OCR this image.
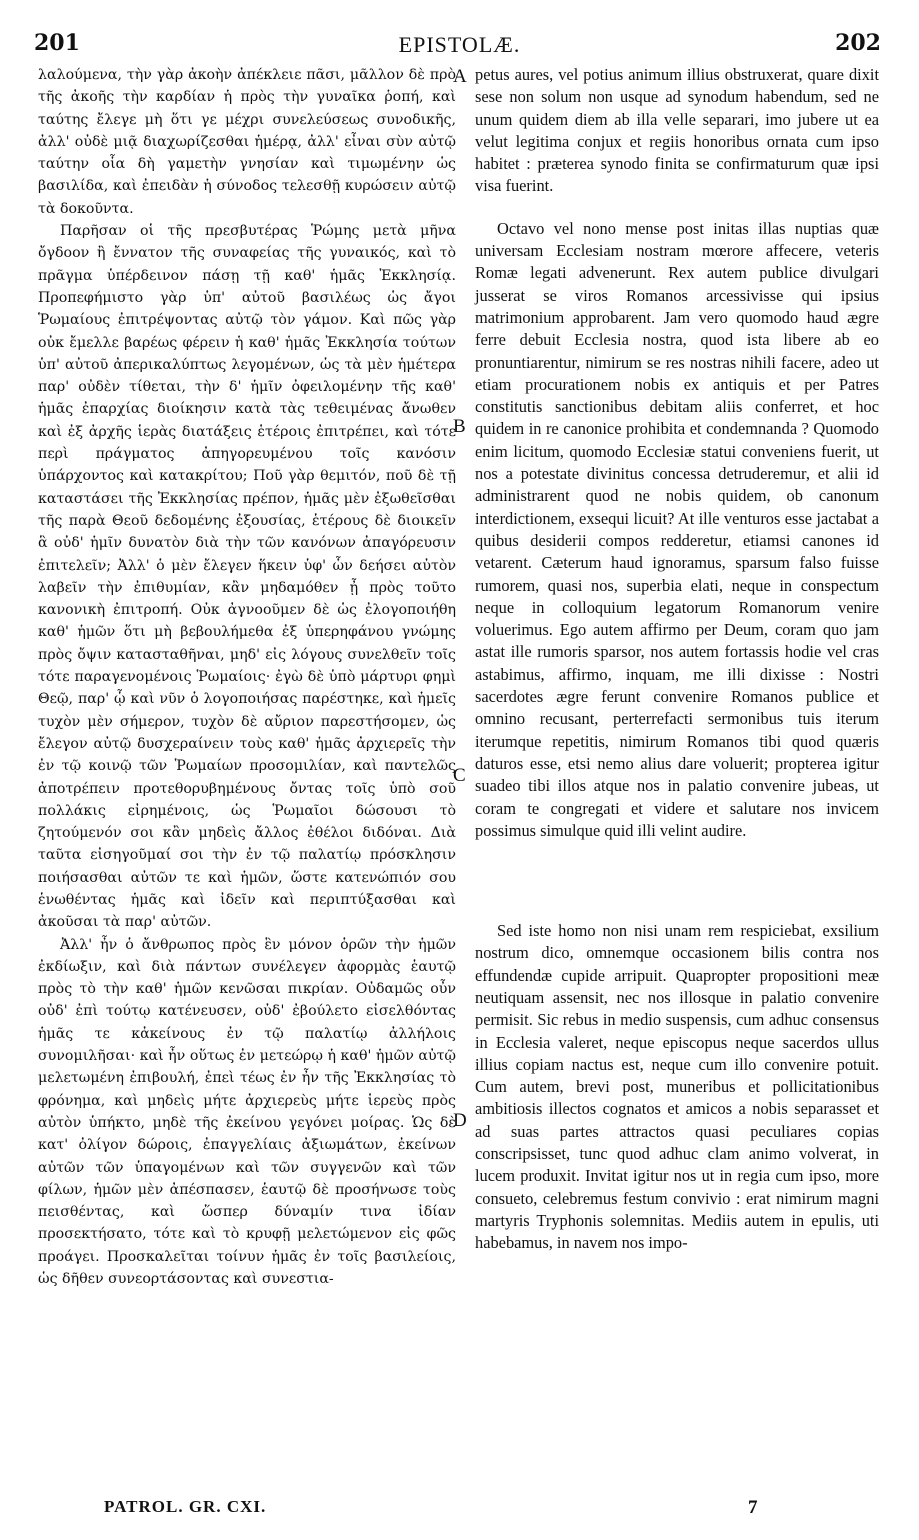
201	EPISTOLÆ.	202

λαλούμενα, τὴν γὰρ ἀκοὴν ἀπέκλειε πᾶσι, μᾶλλον δὲ πρὸ τῆς ἀκοῆς τὴν καρδίαν ἡ πρὸς τὴν γυναῖκα ῥοπή, καὶ ταύτης ἔλεγε μὴ ὅτι γε μέχρι συνελεύσεως συνοδικῆς, ἀλλ' οὐδὲ μιᾷ διαχωρίζεσθαι ἡμέρᾳ, ἀλλ' εἶναι σὺν αὐτῷ ταύτην οἷα δὴ γαμετὴν γνησίαν καὶ τιμωμένην ὡς βασιλίδα, καὶ ἐπειδὰν ἡ σύνοδος τελεσθῇ κυρώσειν αὐτῷ τὰ δοκοῦντα.

Παρῆσαν οἱ τῆς πρεσβυτέρας Ῥώμης μετὰ μῆνα ὄγδοον ἢ ἔννατον τῆς συναφείας τῆς γυναικός, καὶ τὸ πρᾶγμα ὑπέρδεινον πάσῃ τῇ καθ' ἡμᾶς Ἐκκλησίᾳ. Προπεφήμιστο γὰρ ὑπ' αὐτοῦ βασιλέως ὡς ἄγοι Ῥωμαίους ἐπιτρέψοντας αὐτῷ τὸν γάμον. Καὶ πῶς γὰρ οὐκ ἔμελλε βαρέως φέρειν ἡ καθ' ἡμᾶς Ἐκκλησία τούτων ὑπ' αὐτοῦ ἀπερικαλύπτως λεγομένων, ὡς τὰ μὲν ἡμέτερα παρ' οὐδὲν τίθεται, τὴν δ' ἡμῖν ὀφειλομένην τῆς καθ' ἡμᾶς ἐπαρχίας διοίκησιν κατὰ τὰς τεθειμένας ἄνωθεν καὶ ἐξ ἀρχῆς ἱερὰς διατάξεις ἑτέροις ἐπιτρέπει, καὶ τότε περὶ πράγματος ἀπηγορευμένου τοῖς κανόσιν ὑπάρχοντος καὶ κατακρίτου; Ποῦ γὰρ θεμιτόν, ποῦ δὲ τῇ καταστάσει τῆς Ἐκκλησίας πρέπον, ἡμᾶς μὲν ἐξωθεῖσθαι τῆς παρὰ Θεοῦ δεδομένης ἐξουσίας, ἑτέρους δὲ διοικεῖν ἃ οὐδ' ἡμῖν δυνατὸν διὰ τὴν τῶν κανόνων ἀπαγόρευσιν ἐπιτελεῖν; Ἀλλ' ὁ μὲν ἔλεγεν ἥκειν ὑφ' ὧν δεήσει αὐτὸν λαβεῖν τὴν ἐπιθυμίαν, κἂν μηδαμόθεν ᾖ πρὸς τοῦτο κανονικὴ ἐπιτροπή. Οὐκ ἀγνοοῦμεν δὲ ὡς ἐλογοποιήθη καθ' ἡμῶν ὅτι μὴ βεβουλήμεθα ἐξ ὑπερηφάνου γνώμης πρὸς ὄψιν κατασταθῆναι, μηδ' εἰς λόγους συνελθεῖν τοῖς τότε παραγενομένοις Ῥωμαίοις· ἐγὼ δὲ ὑπὸ μάρτυρι φημὶ Θεῷ, παρ' ᾧ καὶ νῦν ὁ λογοποιήσας παρέστηκε, καὶ ἡμεῖς τυχὸν μὲν σήμερον, τυχὸν δὲ αὔριον παρεστήσομεν, ὡς ἔλεγον αὐτῷ δυσχεραίνειν τοὺς καθ' ἡμᾶς ἀρχιερεῖς τὴν ἐν τῷ κοινῷ τῶν Ῥωμαίων προσομιλίαν, καὶ παντελῶς ἀποτρέπειν προτεθορυβημένους ὄντας τοῖς ὑπὸ σοῦ πολλάκις εἰρημένοις, ὡς Ῥωμαῖοι δώσουσι τὸ ζητούμενόν σοι κἂν μηδεὶς ἄλλος ἐθέλοι διδόναι. Διὰ ταῦτα εἰσηγοῦμαί σοι τὴν ἐν τῷ παλατίῳ πρόσκλησιν ποιήσασθαι αὐτῶν τε καὶ ἡμῶν, ὥστε κατενώπιόν σου ἑνωθέντας ἡμᾶς καὶ ἰδεῖν καὶ περιπτύξασθαι καὶ ἀκοῦσαι τὰ παρ' αὐτῶν.

Ἀλλ' ἦν ὁ ἄνθρωπος πρὸς ἓν μόνον ὁρῶν τὴν ἡμῶν ἐκδίωξιν, καὶ διὰ πάντων συνέλεγεν ἀφορμὰς ἑαυτῷ πρὸς τὸ τὴν καθ' ἡμῶν κενῶσαι πικρίαν. Οὐδαμῶς οὖν οὐδ' ἐπὶ τούτῳ κατένευσεν, οὐδ' ἐβούλετο εἰσελθόντας ἡμᾶς τε κἀκείνους ἐν τῷ παλατίῳ ἀλλήλοις συνομιλῆσαι· καὶ ἦν οὕτως ἐν μετεώρῳ ἡ καθ' ἡμῶν αὐτῷ μελετωμένη ἐπιβουλή, ἐπεὶ τέως ἐν ἦν τῆς Ἐκκλησίας τὸ φρόνημα, καὶ μηδεὶς μήτε ἀρχιερεὺς μήτε ἱερεὺς πρὸς αὐτὸν ὑπήκτο, μηδὲ τῆς ἐκείνου γεγόνει μοίρας. Ὡς δὲ κατ' ὀλίγον δώροις, ἐπαγγελίαις ἀξιωμάτων, ἐκείνων αὐτῶν τῶν ὑπαγομένων καὶ τῶν συγγενῶν καὶ τῶν φίλων, ἡμῶν μὲν ἀπέσπασεν, ἑαυτῷ δὲ προσήνωσε τοὺς πεισθέντας, καὶ ὥσπερ δύναμίν τινα ἰδίαν προσεκτήσατο, τότε καὶ τὸ κρυφῇ μελετώμενον εἰς φῶς προάγει. Προσκαλεῖται τοίνυν ἡμᾶς ἐν τοῖς βασιλείοις, ὡς δῆθεν συνεορτάσοντας καὶ συνεστια-

petus aures, vel potius animum illius obstruxerat, quare dixit sese non solum non usque ad synodum habendum, sed ne unum quidem diem ab illa velle separari, imo jubere ut ea velut legitima conjux et regiis honoribus ornata cum ipso habitet : præterea synodo finita se confirmaturum quæ ipsi visa fuerint.

Octavo vel nono mense post initas illas nuptias quæ universam Ecclesiam nostram mœrore affecere, veteris Romæ legati advenerunt. Rex autem publice divulgari jusserat se viros Romanos arcessivisse qui ipsius matrimonium approbarent. Jam vero quomodo haud ægre ferre debuit Ecclesia nostra, quod ista libere ab eo pronuntiarentur, nimirum se res nostras nihili facere, adeo ut etiam procurationem nobis ex antiquis et per Patres constitutis sanctionibus debitam aliis conferret, et hoc quidem in re canonice prohibita et condemnanda ? Quomodo enim licitum, quomodo Ecclesiæ statui conveniens fuerit, ut nos a potestate divinitus concessa detruderemur, et alii id administrarent quod ne nobis quidem, ob canonum interdictionem, exsequi licuit? At ille venturos esse jactabat a quibus desiderii compos redderetur, etiamsi canones id vetarent. Cæterum haud ignoramus, sparsum falso fuisse rumorem, quasi nos, superbia elati, neque in conspectum neque in colloquium legatorum Romanorum venire voluerimus. Ego autem affirmo per Deum, coram quo jam astat ille rumoris sparsor, nos autem fortassis hodie vel cras astabimus, affirmo, inquam, me illi dixisse : Nostri sacerdotes ægre ferunt convenire Romanos publice et omnino recusant, perterrefacti sermonibus tuis iterum iterumque repetitis, nimirum Romanos tibi quod quæris daturos esse, etsi nemo alius dare voluerit; propterea igitur suadeo tibi illos atque nos in palatio convenire jubeas, ut coram te congregati et videre et salutare nos invicem possimus simulque quid illi velint audire.

Sed iste homo non nisi unam rem respiciebat, exsilium nostrum dico, omnemque occasionem bilis contra nos effundendæ cupide arripuit. Quapropter propositioni meæ neutiquam assensit, nec nos illosque in palatio convenire permisit. Sic rebus in medio suspensis, cum adhuc consensus in Ecclesia valeret, neque episcopus neque sacerdos ullus illius copiam nactus est, neque cum illo convenire potuit. Cum autem, brevi post, muneribus et pollicitationibus ambitiosis illectos cognatos et amicos a nobis separasset et ad suas partes attractos quasi peculiares copias conscripsisset, tunc quod adhuc clam animo volverat, in lucem produxit. Invitat igitur nos ut in regia cum ipso, more consueto, celebremus festum convivio : erat nimirum magni martyris Tryphonis solemnitas. Mediis autem in epulis, uti habebamus, in navem nos impo-

A
B
C
D
PATROL. GR. CXI.	7
